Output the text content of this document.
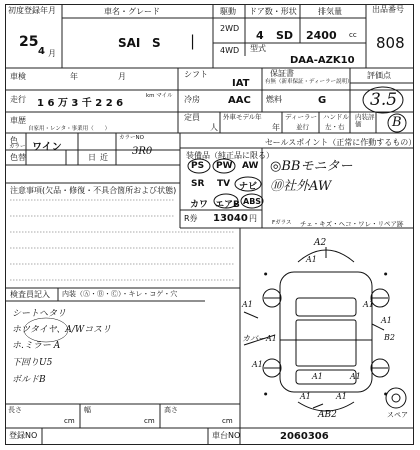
●	●
●	●
初度登録年月
25
4 月
車名・グレード
SAI S |
駆動
2WD
4WD
ドア数・形状
4 SD
排気量
2400 cc
型式
DAA-AZK10
出品番号
808
車検	年	月	シフト
IAT
保証書
有無（新車保証・ディーラー説明）
評価点
3.5
走行 1 6 万 3 千 2 2 6
km マイル	冷房	AAC 燃料	G
内装評価	B
車歴
自家用・レンタ・事業用（　　）
定員
人
外車モデル年
年
ディーラー
並行
ハンドル
左・右
色
カラー ワイン
色替	日 近
カラーNO
3R0
注意事項(欠品・修復・不具合箇所および状態)
装備品（純正品に限る）
PS PW AW
SR TV ナビ
カワ エアB ABS
R券 13040 円	Fガラス
セールスポイント（正常に作動するもの）
◎BBモニター
⑩社外AW
チェ・キズ・ヘコ・ワレ・リペア跡
検査員記入 内装（Ⓐ・Ⓑ・Ⓒ）・キレ・コゲ・穴
シートヘタリ
ホツタイヤ、A/Wコスリ
ホ.ミラー A
下回りU5
ボルドB
A2
A1
A1
カバーA1
A1
A1
B2
A1
A1
A1
A1	A1
AB2	スペア
長さ
cm
幅
cm
高さ
cm
登録NO	車台NO	2060306
